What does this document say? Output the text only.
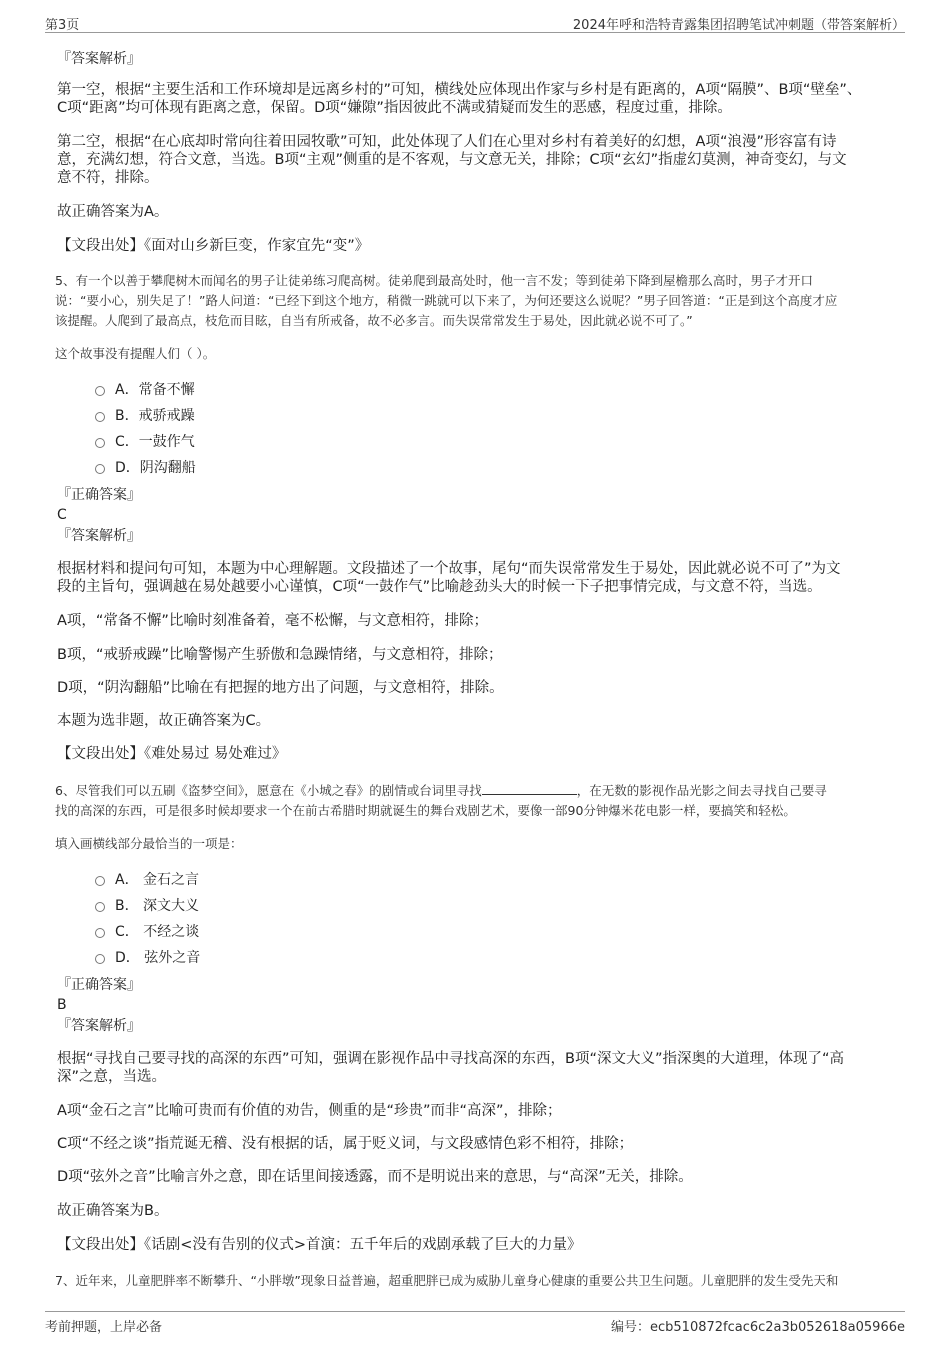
第3页	2024年呼和浩特青露集团招聘笔试冲刺题（带答案解析）
『答案解析』
第一空，根据“主要生活和工作环境却是远离乡村的”可知，横线处应体现出作家与乡村是有距离的，A项“隔膜”、B项“壁垒”、
C项“距离”均可体现有距离之意，保留。D项“嫌隙”指因彼此不满或猜疑而发生的恶感，程度过重，排除。
第二空，根据“在心底却时常向往着田园牧歌”可知，此处体现了人们在心里对乡村有着美好的幻想，A项“浪漫”形容富有诗
意，充满幻想，符合文意，当选。B项“主观”侧重的是不客观，与文意无关，排除；C项“玄幻”指虚幻莫测，神奇变幻，与文
意不符，排除。
故正确答案为A。
【文段出处】《面对山乡新巨变，作家宜先“变”》
5、有一个以善于攀爬树木而闻名的男子让徒弟练习爬高树。徒弟爬到最高处时，他一言不发；等到徒弟下降到屋檐那么高时，男子才开口
说：“要小心，别失足了！”路人问道：“已经下到这个地方，稍微一跳就可以下来了，为何还要这么说呢？”男子回答道：“正是到这个高度才应
该提醒。人爬到了最高点，枝危而目眩，自当有所戒备，故不必多言。而失误常常发生于易处，因此就必说不可了。”
这个故事没有提醒人们（ ）。
A．常备不懈
B．戒骄戒躁
C．一鼓作气
D．阴沟翻船
『正确答案』
C
『答案解析』
根据材料和提问句可知，本题为中心理解题。文段描述了一个故事，尾句“而失误常常发生于易处，因此就必说不可了”为文
段的主旨句，强调越在易处越要小心谨慎，C项“一鼓作气”比喻趁劲头大的时候一下子把事情完成，与文意不符，当选。
A项，“常备不懈”比喻时刻准备着，毫不松懈，与文意相符，排除；
B项，“戒骄戒躁”比喻警惕产生骄傲和急躁情绪，与文意相符，排除；
D项，“阴沟翻船”比喻在有把握的地方出了问题，与文意相符，排除。
本题为选非题，故正确答案为C。
【文段出处】《难处易过 易处难过》
6、尽管我们可以五刷《盗梦空间》，愿意在《小城之春》的剧情或台词里寻找	，在无数的影视作品光影之间去寻找自己要寻
找的高深的东西，可是很多时候却要求一个在前古希腊时期就诞生的舞台戏剧艺术，要像一部90分钟爆米花电影一样，要搞笑和轻松。
填入画横线部分最恰当的一项是：
A． 金石之言
B． 深文大义
C． 不经之谈
D． 弦外之音
『正确答案』
B
『答案解析』
根据“寻找自己要寻找的高深的东西”可知，强调在影视作品中寻找高深的东西，B项“深文大义”指深奥的大道理，体现了“高
深”之意，当选。
A项“金石之言”比喻可贵而有价值的劝告，侧重的是“珍贵”而非“高深”，排除；
C项“不经之谈”指荒诞无稽、没有根据的话，属于贬义词，与文段感情色彩不相符，排除；
D项“弦外之音”比喻言外之意，即在话里间接透露，而不是明说出来的意思，与“高深”无关，排除。
故正确答案为B。
【文段出处】《话剧<没有告别的仪式>首演：五千年后的戏剧承载了巨大的力量》
7、近年来，儿童肥胖率不断攀升、“小胖墩”现象日益普遍，超重肥胖已成为威胁儿童身心健康的重要公共卫生问题。儿童肥胖的发生受先天和
考前押题，上岸必备	编号：ecb510872fcac6c2a3b052618a05966e
